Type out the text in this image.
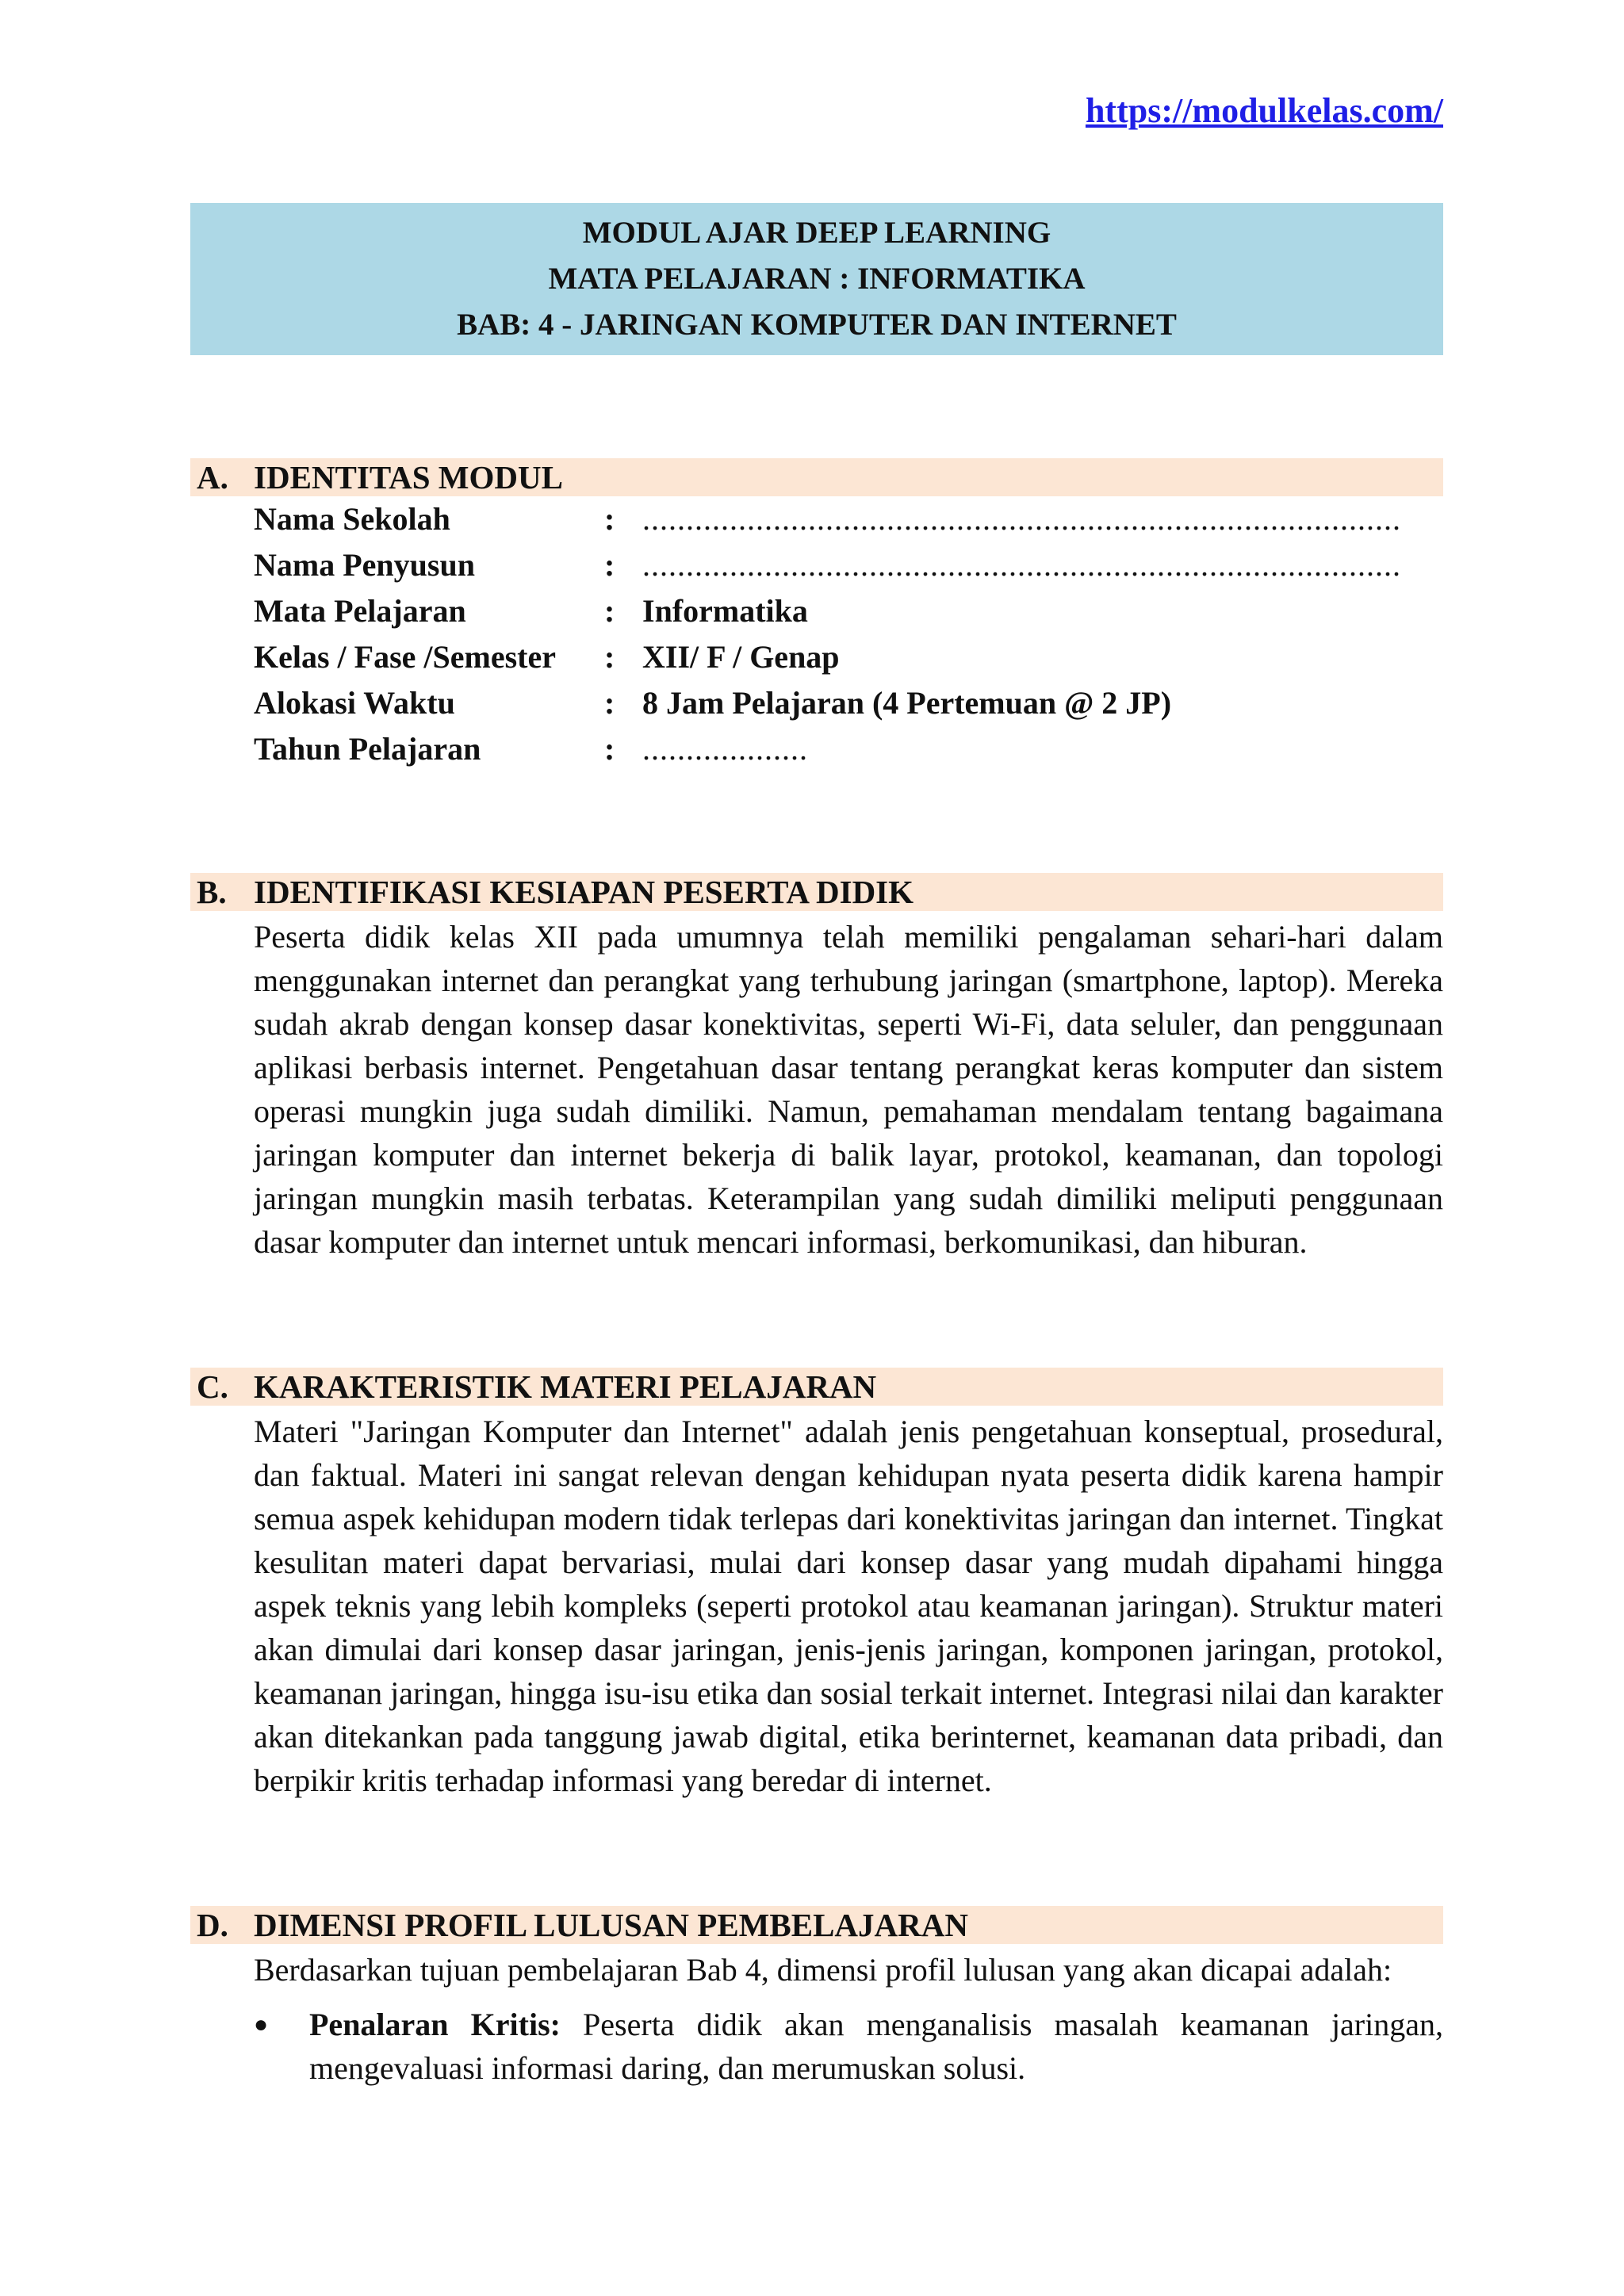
https://modulkelas.com/
MODUL AJAR DEEP LEARNING
MATA PELAJARAN : INFORMATIKA
BAB: 4 - JARINGAN KOMPUTER DAN INTERNET
A. IDENTITAS MODUL
Nama Sekolah	: .......................................................................................
Nama Penyusun	: .......................................................................................
Mata Pelajaran	: Informatika
Kelas / Fase /Semester : XII/ F / Genap
Alokasi Waktu	: 8 Jam Pelajaran (4 Pertemuan @ 2 JP)
Tahun Pelajaran	: ...................
B. IDENTIFIKASI KESIAPAN PESERTA DIDIK
Peserta didik kelas XII pada umumnya telah memiliki pengalaman sehari-hari dalam menggunakan internet dan perangkat yang terhubung jaringan (smartphone, laptop). Mereka sudah akrab dengan konsep dasar konektivitas, seperti Wi-Fi, data seluler, dan penggunaan aplikasi berbasis internet. Pengetahuan dasar tentang perangkat keras komputer dan sistem operasi mungkin juga sudah dimiliki. Namun, pemahaman mendalam tentang bagaimana jaringan komputer dan internet bekerja di balik layar, protokol, keamanan, dan topologi jaringan mungkin masih terbatas. Keterampilan yang sudah dimiliki meliputi penggunaan dasar komputer dan internet untuk mencari informasi, berkomunikasi, dan hiburan.
C. KARAKTERISTIK MATERI PELAJARAN
Materi "Jaringan Komputer dan Internet" adalah jenis pengetahuan konseptual, prosedural, dan faktual. Materi ini sangat relevan dengan kehidupan nyata peserta didik karena hampir semua aspek kehidupan modern tidak terlepas dari konektivitas jaringan dan internet. Tingkat kesulitan materi dapat bervariasi, mulai dari konsep dasar yang mudah dipahami hingga aspek teknis yang lebih kompleks (seperti protokol atau keamanan jaringan). Struktur materi akan dimulai dari konsep dasar jaringan, jenis-jenis jaringan, komponen jaringan, protokol, keamanan jaringan, hingga isu-isu etika dan sosial terkait internet. Integrasi nilai dan karakter akan ditekankan pada tanggung jawab digital, etika berinternet, keamanan data pribadi, dan berpikir kritis terhadap informasi yang beredar di internet.
D. DIMENSI PROFIL LULUSAN PEMBELAJARAN
Berdasarkan tujuan pembelajaran Bab 4, dimensi profil lulusan yang akan dicapai adalah:
●	Penalaran Kritis: Peserta didik akan menganalisis masalah keamanan jaringan, mengevaluasi informasi daring, dan merumuskan solusi.
